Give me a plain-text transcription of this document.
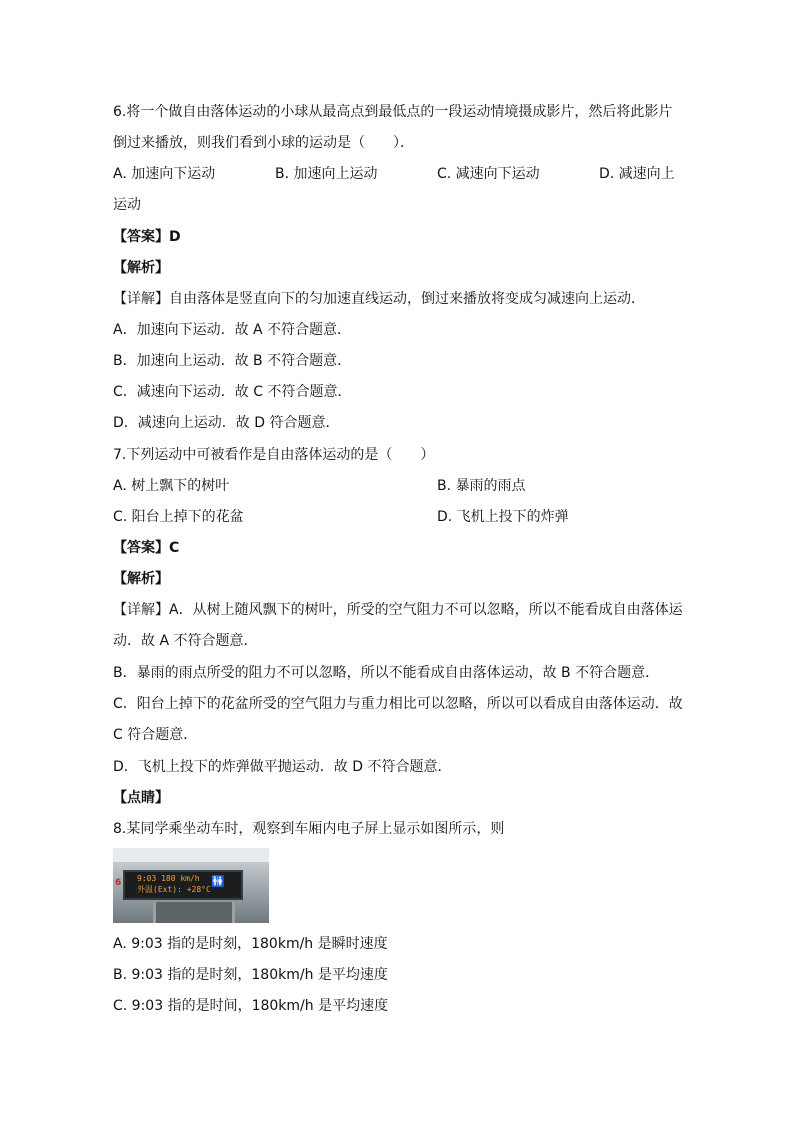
6.将一个做自由落体运动的小球从最高点到最低点的一段运动情境摄成影片，然后将此影片
倒过来播放，则我们看到小球的运动是（　　）．
A. 加速向下运动	B. 加速向上运动	C. 减速向下运动	D. 减速向上
运动
【答案】D
【解析】
【详解】自由落体是竖直向下的匀加速直线运动，倒过来播放将变成匀减速向上运动．
A．加速向下运动．故 A 不符合题意．
B．加速向上运动．故 B 不符合题意．
C．减速向下运动．故 C 不符合题意．
D．减速向上运动．故 D 符合题意．
7.下列运动中可被看作是自由落体运动的是（　　）
A. 树上飘下的树叶	B. 暴雨的雨点
C. 阳台上掉下的花盆	D. 飞机上投下的炸弹
【答案】C
【解析】
【详解】A．从树上随风飘下的树叶，所受的空气阻力不可以忽略，所以不能看成自由落体运
动．故 A 不符合题意．
B．暴雨的雨点所受的阻力不可以忽略，所以不能看成自由落体运动，故 B 不符合题意．
C．阳台上掉下的花盆所受的空气阻力与重力相比可以忽略，所以可以看成自由落体运动．故
C 符合题意．
D．飞机上投下的炸弹做平抛运动．故 D 不符合题意．
【点睛】
8.某同学乘坐动车时，观察到车厢内电子屏上显示如图所示，则
6 9:03 180 km/h
外温(Ext): +28°C
🚻
A. 9:03 指的是时刻，180km/h 是瞬时速度
B. 9:03 指的是时刻，180km/h 是平均速度
C. 9:03 指的是时间，180km/h 是平均速度
